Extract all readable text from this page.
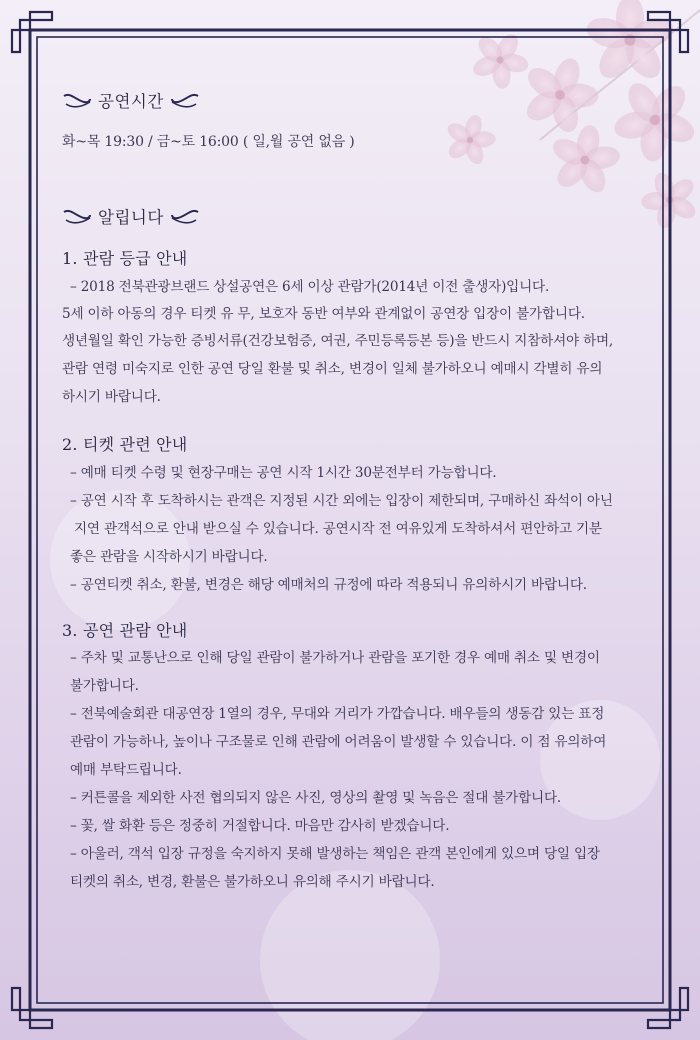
공연시간
화~목 19:30 / 금~토 16:00 ( 일,월 공연 없음 )
알립니다
1. 관람 등급 안내
– 2018 전북관광브랜드 상설공연은 6세 이상 관람가(2014년 이전 출생자)입니다.
5세 이하 아동의 경우 티켓 유 무, 보호자 동반 여부와 관계없이 공연장 입장이 불가합니다.
생년월일 확인 가능한 증빙서류(건강보험증, 여권, 주민등록등본 등)을 반드시 지참하셔야 하며,
관람 연령 미숙지로 인한 공연 당일 환불 및 취소, 변경이 일체 불가하오니 예매시 각별히 유의
하시기 바랍니다.
2. 티켓 관련 안내
– 예매 티켓 수령 및 현장구매는 공연 시작 1시간 30분전부터 가능합니다.
– 공연 시작 후 도착하시는 관객은 지정된 시간 외에는 입장이 제한되며, 구매하신 좌석이 아닌
지연 관객석으로 안내 받으실 수 있습니다. 공연시작 전 여유있게 도착하셔서 편안하고 기분
좋은 관람을 시작하시기 바랍니다.
– 공연티켓 취소, 환불, 변경은 해당 예매처의 규정에 따라 적용되니 유의하시기 바랍니다.
3. 공연 관람 안내
– 주차 및 교통난으로 인해 당일 관람이 불가하거나 관람을 포기한 경우 예매 취소 및 변경이
불가합니다.
– 전북예술회관 대공연장 1열의 경우, 무대와 거리가 가깝습니다. 배우들의 생동감 있는 표정
관람이 가능하나, 높이나 구조물로 인해 관람에 어려움이 발생할 수 있습니다. 이 점 유의하여
예매 부탁드립니다.
– 커튼콜을 제외한 사전 협의되지 않은 사진, 영상의 촬영 및 녹음은 절대 불가합니다.
– 꽃, 쌀 화환 등은 정중히 거절합니다. 마음만 감사히 받겠습니다.
– 아울러, 객석 입장 규정을 숙지하지 못해 발생하는 책임은 관객 본인에게 있으며 당일 입장
티켓의 취소, 변경, 환불은 불가하오니 유의해 주시기 바랍니다.
